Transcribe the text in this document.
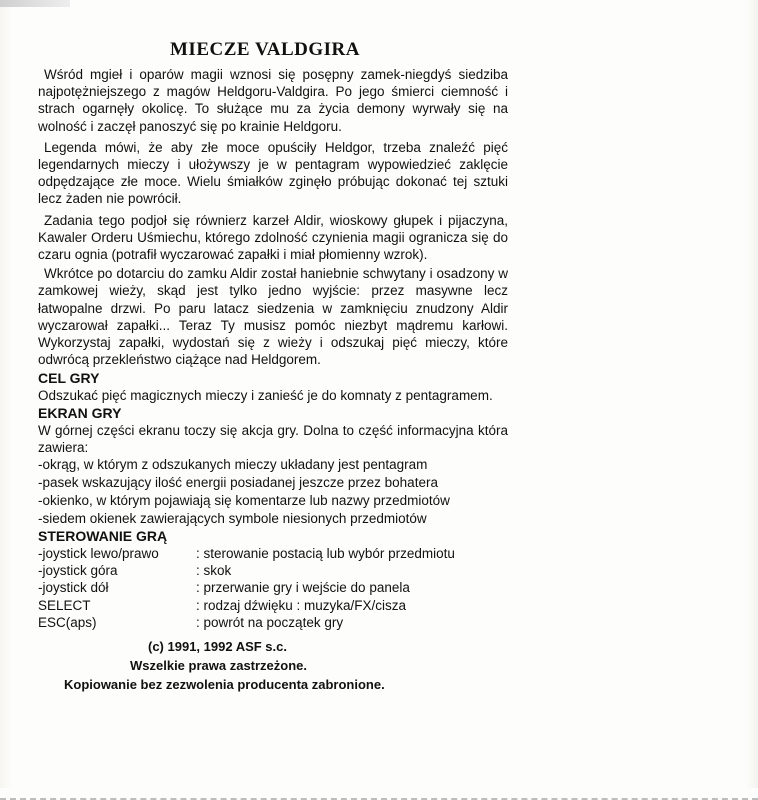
MIECZE VALDGIRA

Wśród mgieł i oparów magii wznosi się posępny zamek-niegdyś siedziba najpotężniejszego z magów Heldgoru-Valdgira. Po jego śmierci ciemność i strach ogarnęły okolicę. To służące mu za życia demony wyrwały się na wolność i zaczęł panoszyć się po krainie Heldgoru.

Legenda mówi, że aby złe moce opuściły Heldgor, trzeba znaleźć pięć legendarnych mieczy i ułożywszy je w pentagram wypowiedzieć zaklęcie odpędzające złe moce. Wielu śmiałków zginęło próbując dokonać tej sztuki lecz żaden nie powrócił.

Zadania tego podjoł się równierz karzeł Aldir, wioskowy głupek i pijaczyna, Kawaler Orderu Uśmiechu, którego zdolność czynienia magii ogranicza się do czaru ognia (potrafił wyczarować zapałki i miał płomienny wzrok).

Wkrótce po dotarciu do zamku Aldir został haniebnie schwytany i osadzony w zamkowej wieży, skąd jest tylko jedno wyjście: przez masywne lecz łatwopalne drzwi. Po paru latacz siedzenia w zamknięciu znudzony Aldir wyczarował zapałki... Teraz Ty musisz pomóc niezbyt mądremu karłowi. Wykorzystaj zapałki, wydostań się z wieży i odszukaj pięć mieczy, które odwrócą przekleństwo ciążące nad Heldgorem.

CEL GRY

Odszukać pięć magicznych mieczy i zanieść je do komnaty z pentagramem.

EKRAN GRY

W górnej części ekranu toczy się akcja gry. Dolna to część informacyjna która zawiera:

-okrąg, w którym z odszukanych mieczy układany jest pentagram
-pasek wskazujący ilość energii posiadanej jeszcze przez bohatera
-okienko, w którym pojawiają się komentarze lub nazwy przedmiotów
-siedem okienek zawierających symbole niesionych przedmiotów
STEROWANIE GRĄ
-joystick lewo/prawo	: sterowanie postacią lub wybór przedmiotu
-joystick góra	: skok
-joystick dół	: przerwanie gry i wejście do panela
SELECT	: rodzaj dźwięku : muzyka/FX/cisza
ESC(aps)	: powrót na początek gry
(c) 1991, 1992 ASF s.c.
Wszelkie prawa zastrzeżone.
Kopiowanie bez zezwolenia producenta zabronione.
